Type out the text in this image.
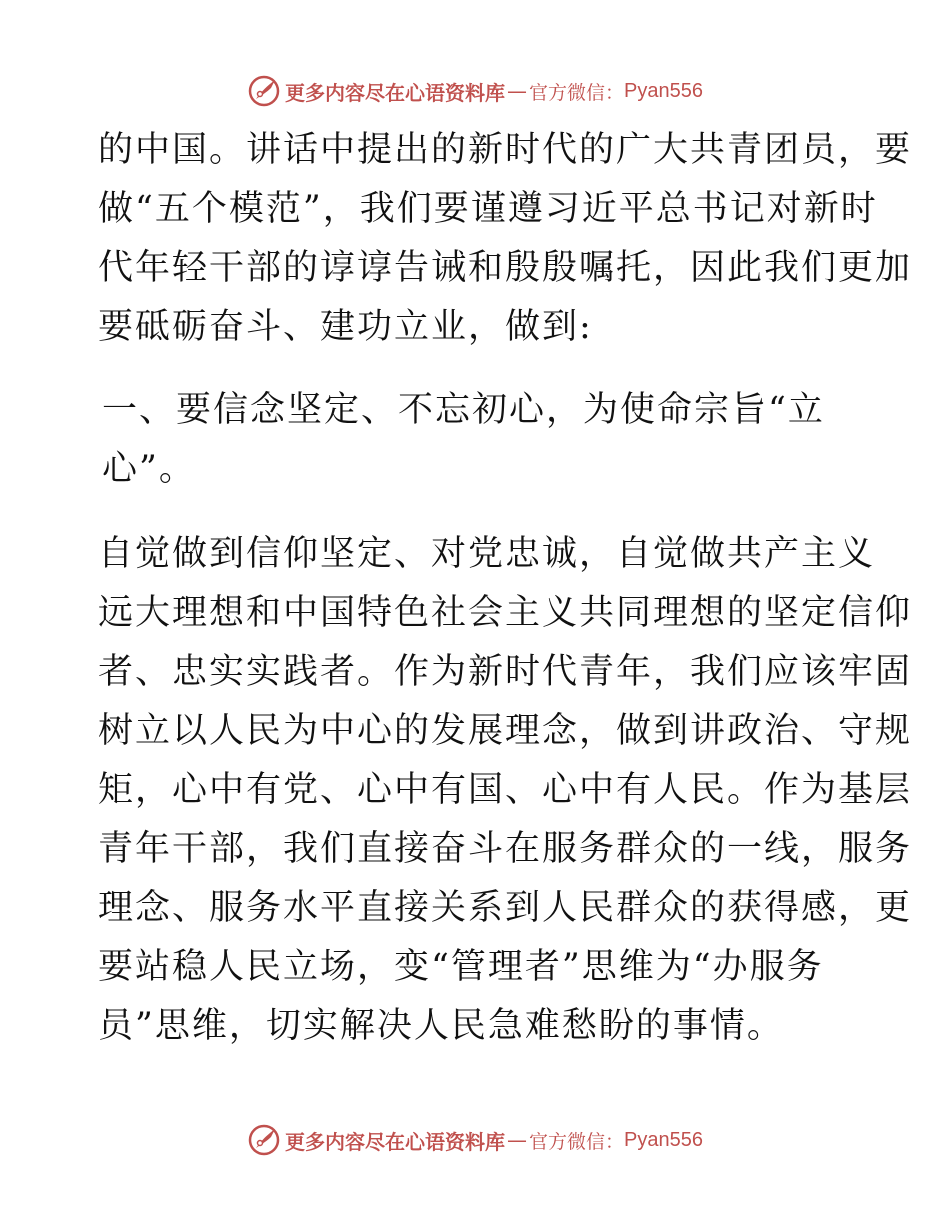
更多内容尽在心语资料库 — 官方微信： Pyan556

的中国。讲话中提出的新时代的广大共青团员，要
做“五个模范”，我们要谨遵习近平总书记对新时
代年轻干部的谆谆告诫和殷殷嘱托，因此我们更加
要砥砺奋斗、建功立业，做到:

一、要信念坚定、不忘初心，为使命宗旨“立
心”。

自觉做到信仰坚定、对党忠诚，自觉做共产主义
远大理想和中国特色社会主义共同理想的坚定信仰
者、忠实实践者。作为新时代青年，我们应该牢固
树立以人民为中心的发展理念，做到讲政治、守规
矩，心中有党、心中有国、心中有人民。作为基层
青年干部，我们直接奋斗在服务群众的一线，服务
理念、服务水平直接关系到人民群众的获得感，更
要站稳人民立场，变“管理者”思维为“办服务
员”思维，切实解决人民急难愁盼的事情。

更多内容尽在心语资料库 — 官方微信： Pyan556
